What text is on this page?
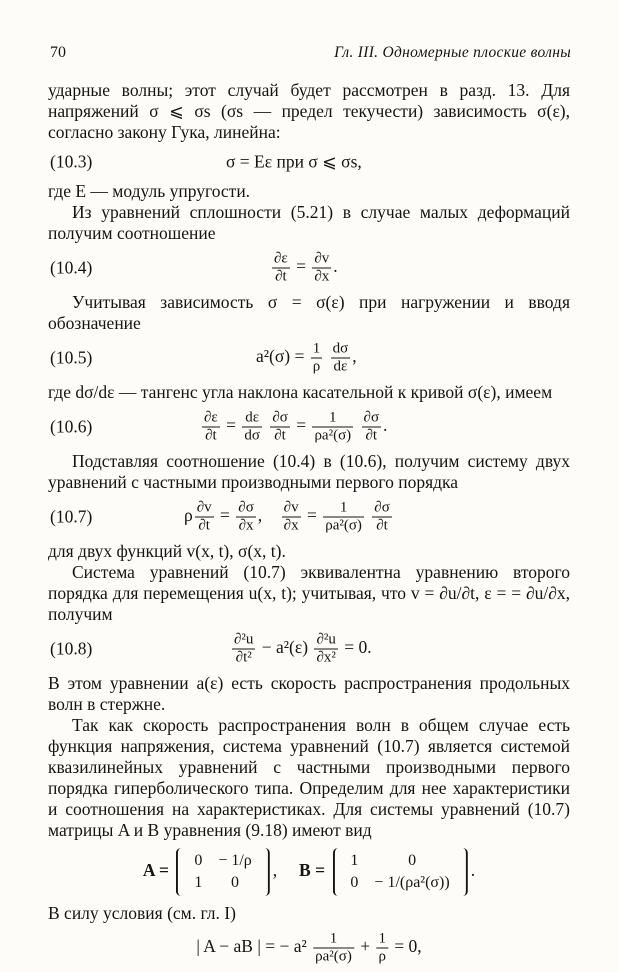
70	Гл. III. Одномерные плоские волны

ударные волны; этот случай будет рассмотрен в разд. 13. Для напряжений σ ⩽ σs (σs — предел текучести) зависимость σ(ε), согласно закону Гука, линейна:

(10.3)	σ = Eε при σ ⩽ σs,

где E — модуль упругости.

Из уравнений сплошности (5.21) в случае малых деформаций получим соотношение

(10.4)	$\frac{\partial\varepsilon}{\partial t} = \frac{\partial v}{\partial x}$ .

Учитывая зависимость σ = σ(ε) при нагружении и вводя обозначение

(10.5)	$a^2(\sigma) = \frac{1}{\rho}$
$\frac{d\sigma}{d\varepsilon}$ ,

где dσ/dε — тангенс угла наклона касательной к кривой σ(ε), имеем

(10.6)	$\frac{\partial\varepsilon}{\partial t} = \frac{d\varepsilon}{d\sigma}$
$\frac{\partial\sigma}{\partial t} = \frac{1}{\text{ρa²(σ)}}$
$\frac{\partial\sigma}{\partial t}$ .

Подставляя соотношение (10.4) в (10.6), получим систему двух уравнений с частными производными первого порядка

(10.7)	ρ $\frac{\partial v}{\partial t} = \frac{\partial\sigma}{\partial x}$ , $\frac{\partial v}{\partial x} = \frac{1}{\text{ρa²(σ)}}$
$\frac{\partial\sigma}{\partial t}$

для двух функций v(x, t), σ(x, t).

Система уравнений (10.7) эквивалентна уравнению второго порядка для перемещения u(x, t); учитывая, что v = ∂u/∂t, ε = = ∂u/∂x, получим

(10.8)	$\frac{\text{∂²u}}{\text{∂t²}} - a^2(\varepsilon) \frac{\text{∂²u}}{\text{∂x²}} = 0$.

В этом уравнении a(ε) есть скорость распространения продольных волн в стержне.

Так как скорость распространения волн в общем случае есть функция напряжения, система уравнений (10.7) является системой квазилинейных уравнений с частными производными первого порядка гиперболического типа. Определим для нее характеристики и соотношения на характеристиках. Для системы уравнений (10.7) матрицы A и B уравнения (9.18) имеют вид

A = 0	− 1/ρ
1	0
, B = 1	0
0	− 1/(ρa²(σ))
.

В силу условия (см. гл. I)

| A − aB | = − $a^2 \frac{1}{\text{ρa²(σ)}} + \frac{1}{\rho} = 0$,
